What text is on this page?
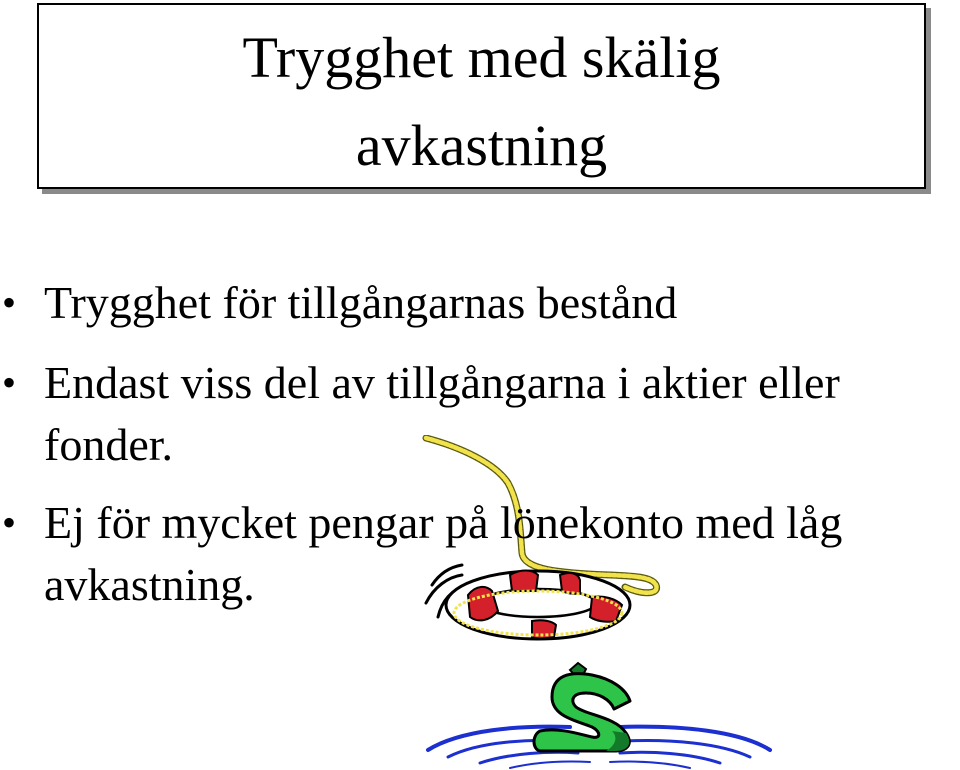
Trygghet med skälig
avkastning
• Trygghet för tillgångarnas bestånd
• Endast viss del av tillgångarna i aktier eller
fonder.
• Ej för mycket pengar på lönekonto med låg
avkastning.
